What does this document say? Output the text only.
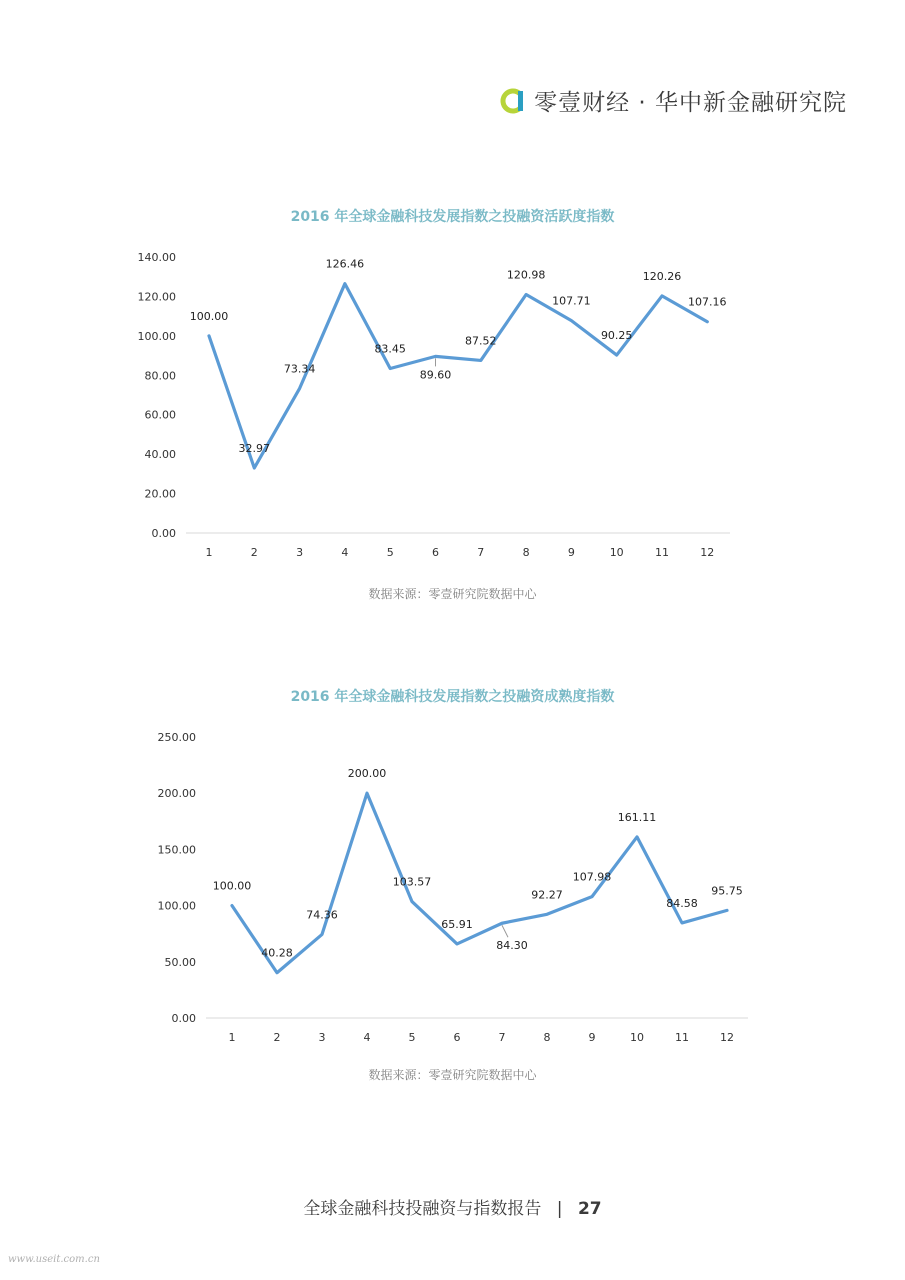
零壹财经 · 华中新金融研究院
2016 年全球金融科技发展指数之投融资活跃度指数
0.00
20.00
40.00
60.00
80.00
100.00
120.00
140.00
1	2	3	4	5	6	7	8	9	10	11	12
100.00
32.97
73.34
126.46
83.45
89.60
87.52
120.98
107.71
90.25
120.26
107.16
数据来源：零壹研究院数据中心
2016 年全球金融科技发展指数之投融资成熟度指数
0.00
50.00
100.00
150.00
200.00
250.00
1	2	3	4	5	6	7	8	9	10	11	12
100.00
40.28
74.36
200.00
103.57
65.91
84.30
92.27
107.98
161.11
84.58
95.75
数据来源：零壹研究院数据中心
全球金融科技投融资与指数报告 | 27
www.useit.com.cn
